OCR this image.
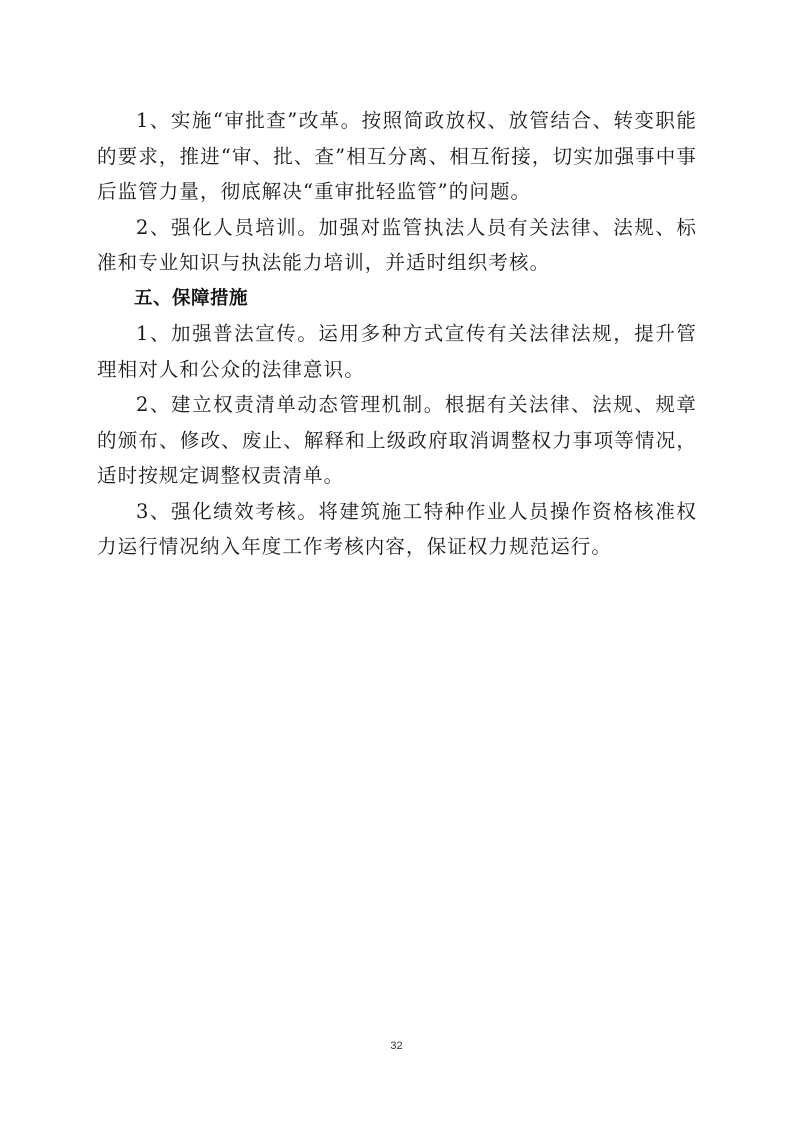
1、实施“审批查”改革。按照简政放权、放管结合、转变职能的要求，推进“审、批、查”相互分离、相互衔接，切实加强事中事后监管力量，彻底解决“重审批轻监管”的问题。

2、强化人员培训。加强对监管执法人员有关法律、法规、标准和专业知识与执法能力培训，并适时组织考核。

五、保障措施

1、加强普法宣传。运用多种方式宣传有关法律法规，提升管理相对人和公众的法律意识。

2、建立权责清单动态管理机制。根据有关法律、法规、规章的颁布、修改、废止、解释和上级政府取消调整权力事项等情况，适时按规定调整权责清单。

3、强化绩效考核。将建筑施工特种作业人员操作资格核准权力运行情况纳入年度工作考核内容，保证权力规范运行。

32
